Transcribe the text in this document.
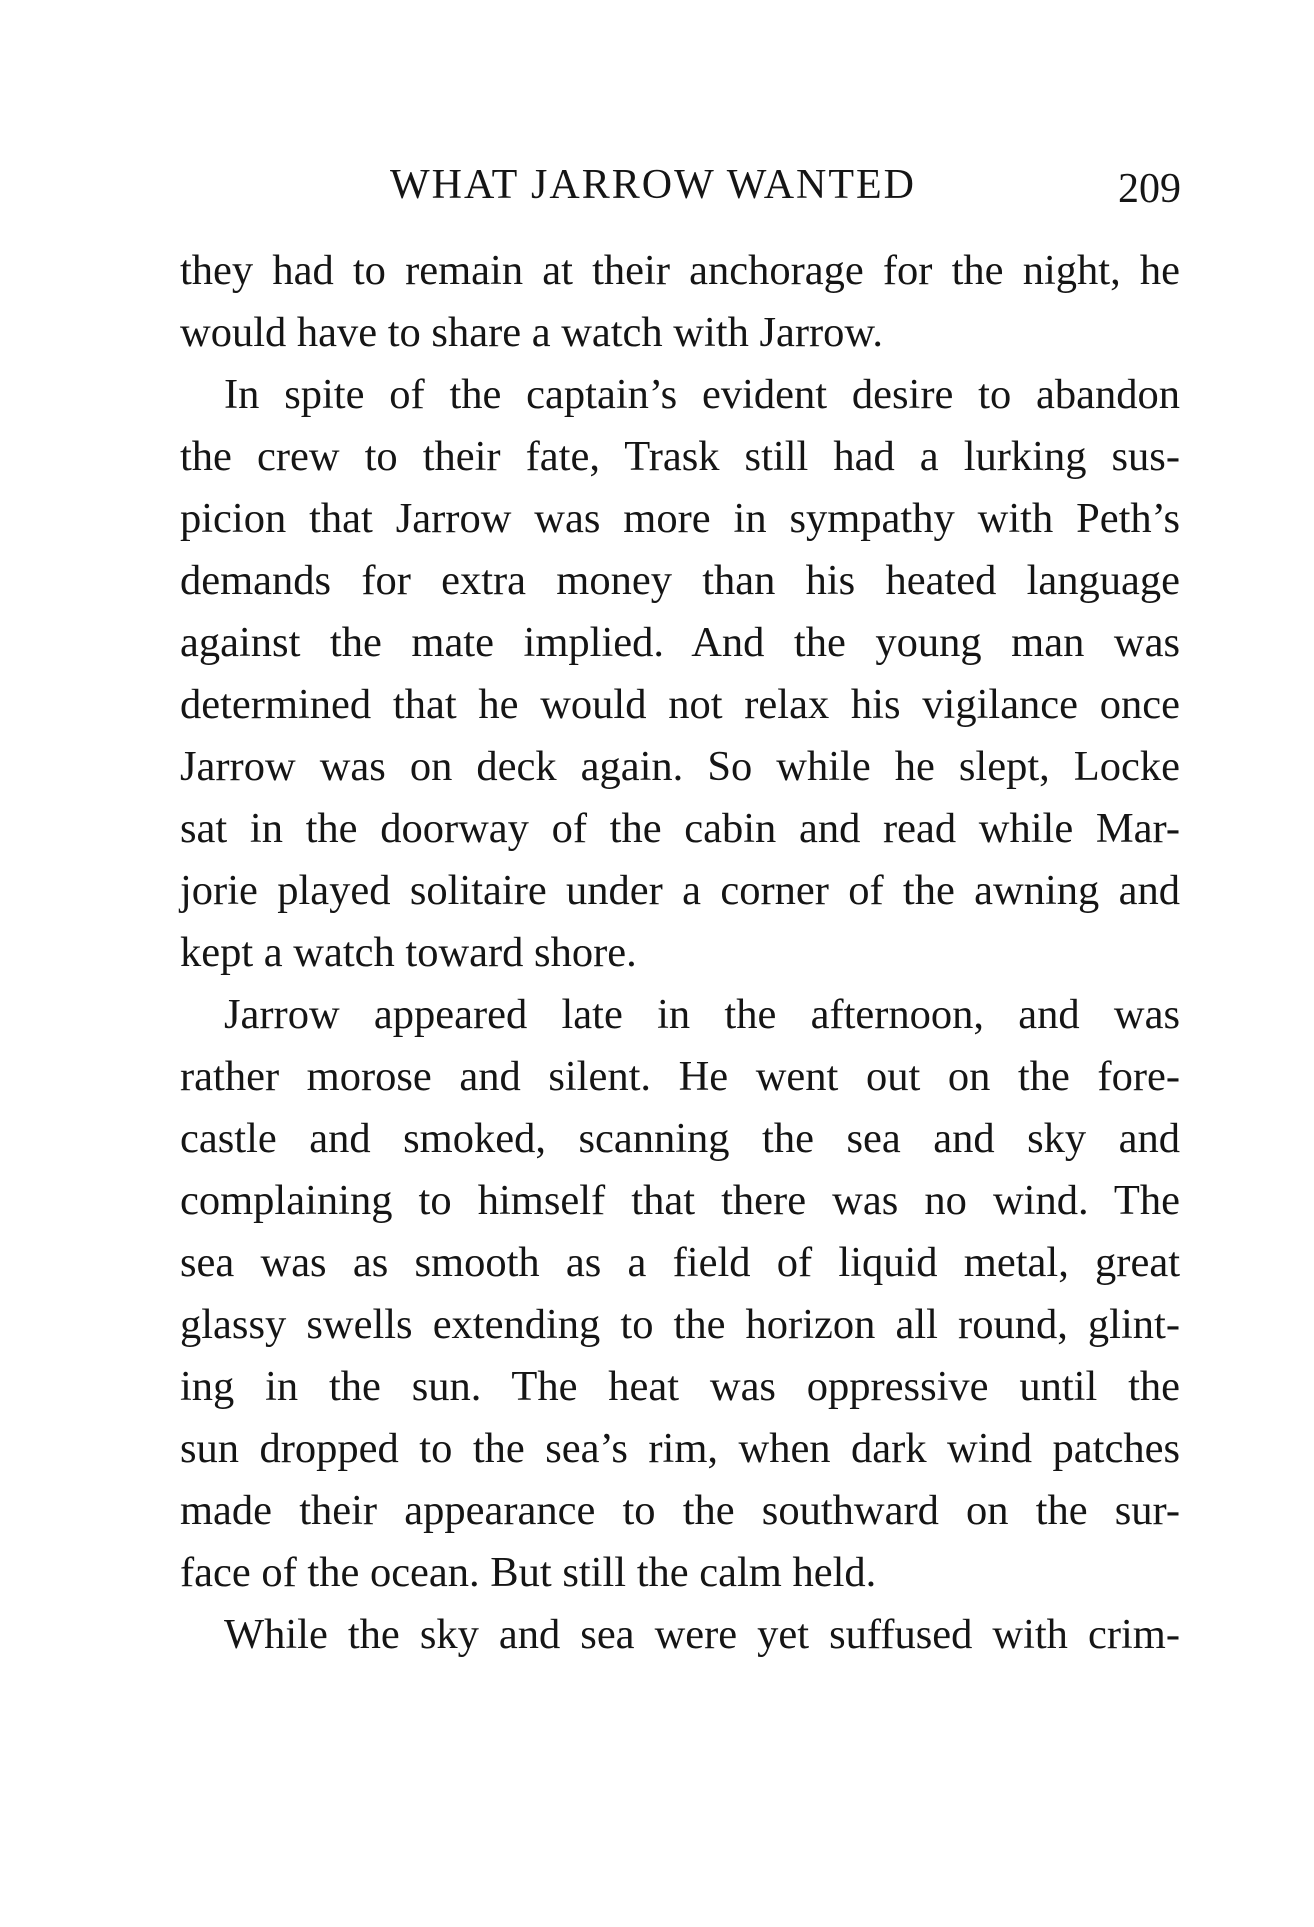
WHAT JARROW WANTED	209
they had to remain at their anchorage for the night, he
would have to share a watch with Jarrow.
In spite of the captain’s evident desire to abandon
the crew to their fate, Trask still had a lurking sus-
picion that Jarrow was more in sympathy with Peth’s
demands for extra money than his heated language
against the mate implied. And the young man was
determined that he would not relax his vigilance once
Jarrow was on deck again. So while he slept, Locke
sat in the doorway of the cabin and read while Mar-
jorie played solitaire under a corner of the awning and
kept a watch toward shore.
Jarrow appeared late in the afternoon, and was
rather morose and silent. He went out on the fore-
castle and smoked, scanning the sea and sky and
complaining to himself that there was no wind. The
sea was as smooth as a field of liquid metal, great
glassy swells extending to the horizon all round, glint-
ing in the sun. The heat was oppressive until the
sun dropped to the sea’s rim, when dark wind patches
made their appearance to the southward on the sur-
face of the ocean. But still the calm held.
While the sky and sea were yet suffused with crim-
